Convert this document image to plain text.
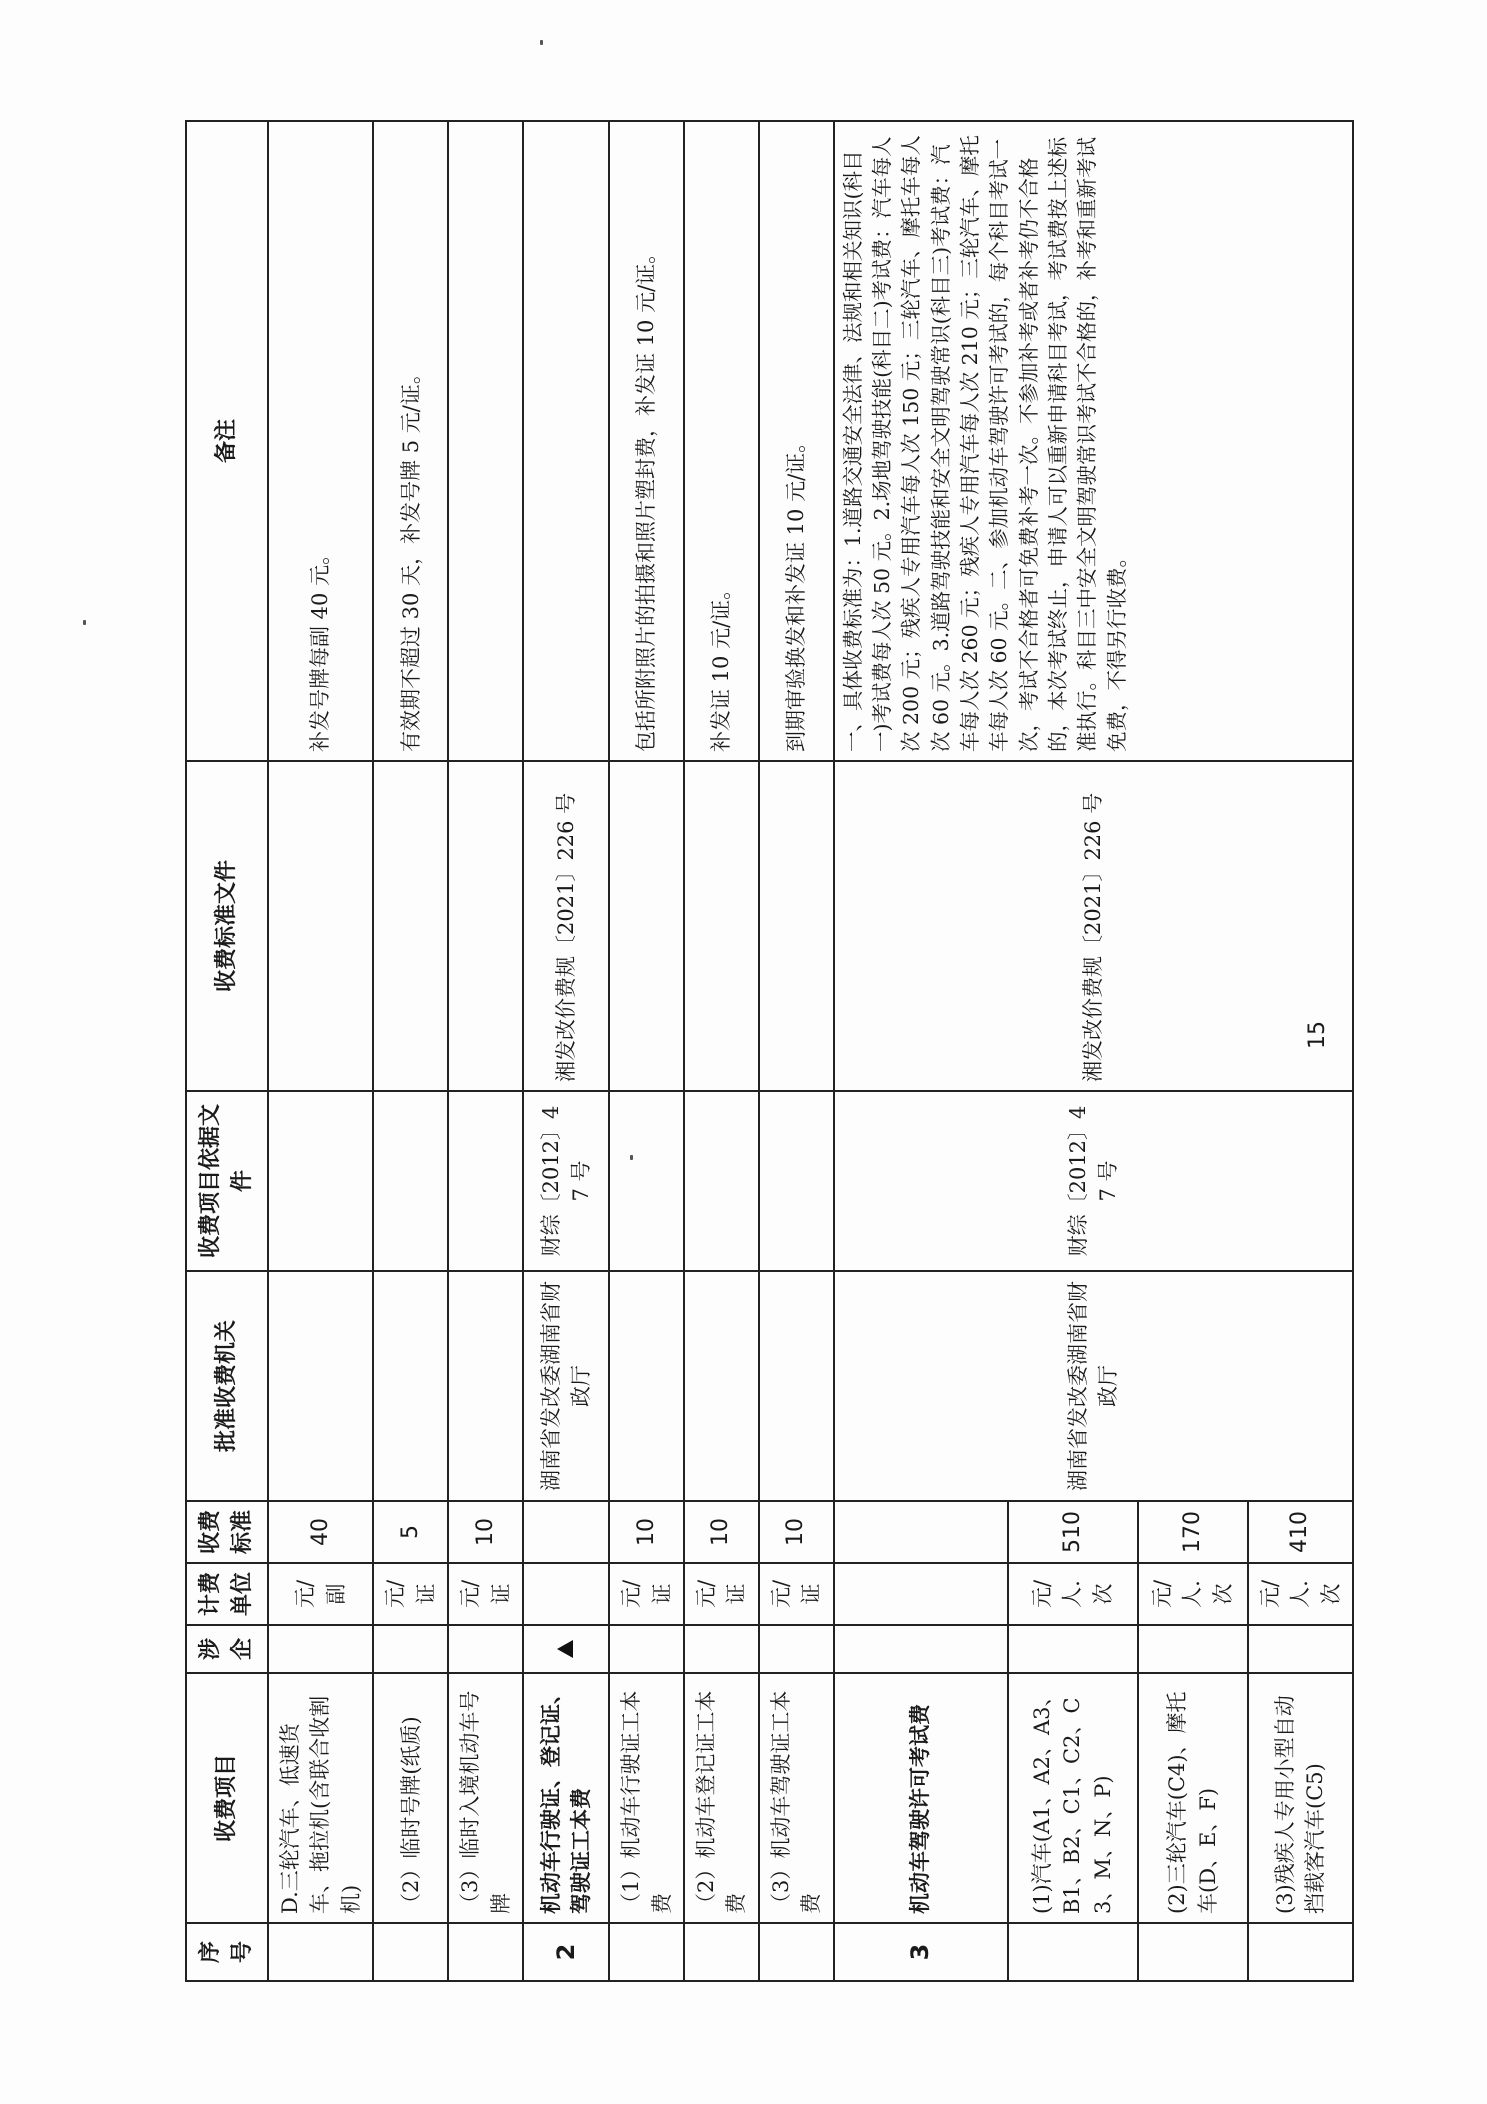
序号	收费项目	涉企	计费单位	收费标准	批准收费机关	收费项目依据文件	收费标准文件	备注
	D.三轮汽车、低速货车、拖拉机(含联合收割机)		元/副	40				补发号牌每副 40 元。
	（2）临时号牌(纸质)		元/证	5				有效期不超过 30 天，补发号牌 5 元/证。
	（3）临时入境机动车号牌		元/证	10				
2	机动车行驶证、登记证、驾驶证工本费				湖南省发改委湖南省财政厅	财综〔2012〕47 号	湘发改价费规〔2021〕226 号	
	（1）机动车行驶证工本费		元/证	10				包括所附照片的拍摄和照片塑封费，补发证 10 元/证。
	（2）机动车登记证工本费		元/证	10				补发证 10 元/证。
	（3）机动车驾驶证工本费		元/证	10				到期审验换发和补发证 10 元/证。
3	机动车驾驶许可考试费				湖南省发改委湖南省财政厅	财综〔2012〕47 号	湘发改价费规〔2021〕226 号	一、具体收费标准为：1.道路交通安全法律、法规和相关知识(科目一)考试费每人次 50 元。2.场地驾驶技能(科目二)考试费：汽车每人次 200 元；残疾人专用汽车每人次 150 元；三轮汽车、摩托车每人次 60 元。3.道路驾驶技能和安全文明驾驶常识(科目三)考试费：汽车每人次 260 元；残疾人专用汽车每人次 210 元；三轮汽车、摩托车每人次 60 元。二、参加机动车驾驶许可考试的，每个科目考试一次，考试不合格者可免费补考一次。不参加补考或者补考仍不合格的，本次考试终止，申请人可以重新申请科目考试，考试费按上述标准执行。科目三中安全文明驾驶常识考试不合格的，补考和重新考试免费，不得另行收费。
	(1)汽车(A1、A2、A3、B1、B2、C1、C2、C3、M、N、P)		元/人.次	510				
	(2)三轮汽车(C4)、摩托车(D、E、F)		元/人.次	170				
	(3)残疾人专用小型自动挡载客汽车(C5)		元/人.次	410				
15
